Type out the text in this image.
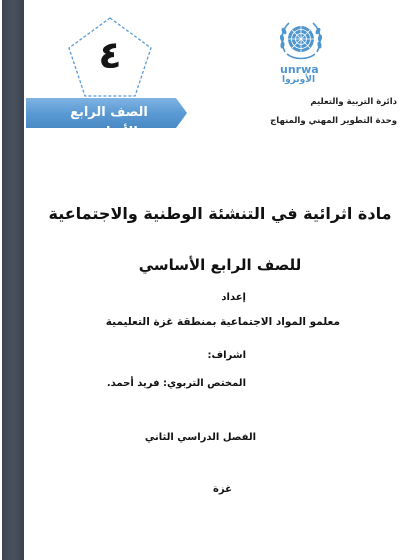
٤
الصف الرابع الأساسي
unrwa
الأونروا
دائرة التربية والتعليم
وحدة التطوير المهني والمنهاج
مادة اثرائية في التنشئة الوطنية والاجتماعية
للصف الرابع الأساسي
إعداد
معلمو المواد الاجتماعية بمنطقة غزة التعليمية
اشراف:
المختص التربوي: فريد أحمد.
الفصل الدراسي الثاني
غزة
